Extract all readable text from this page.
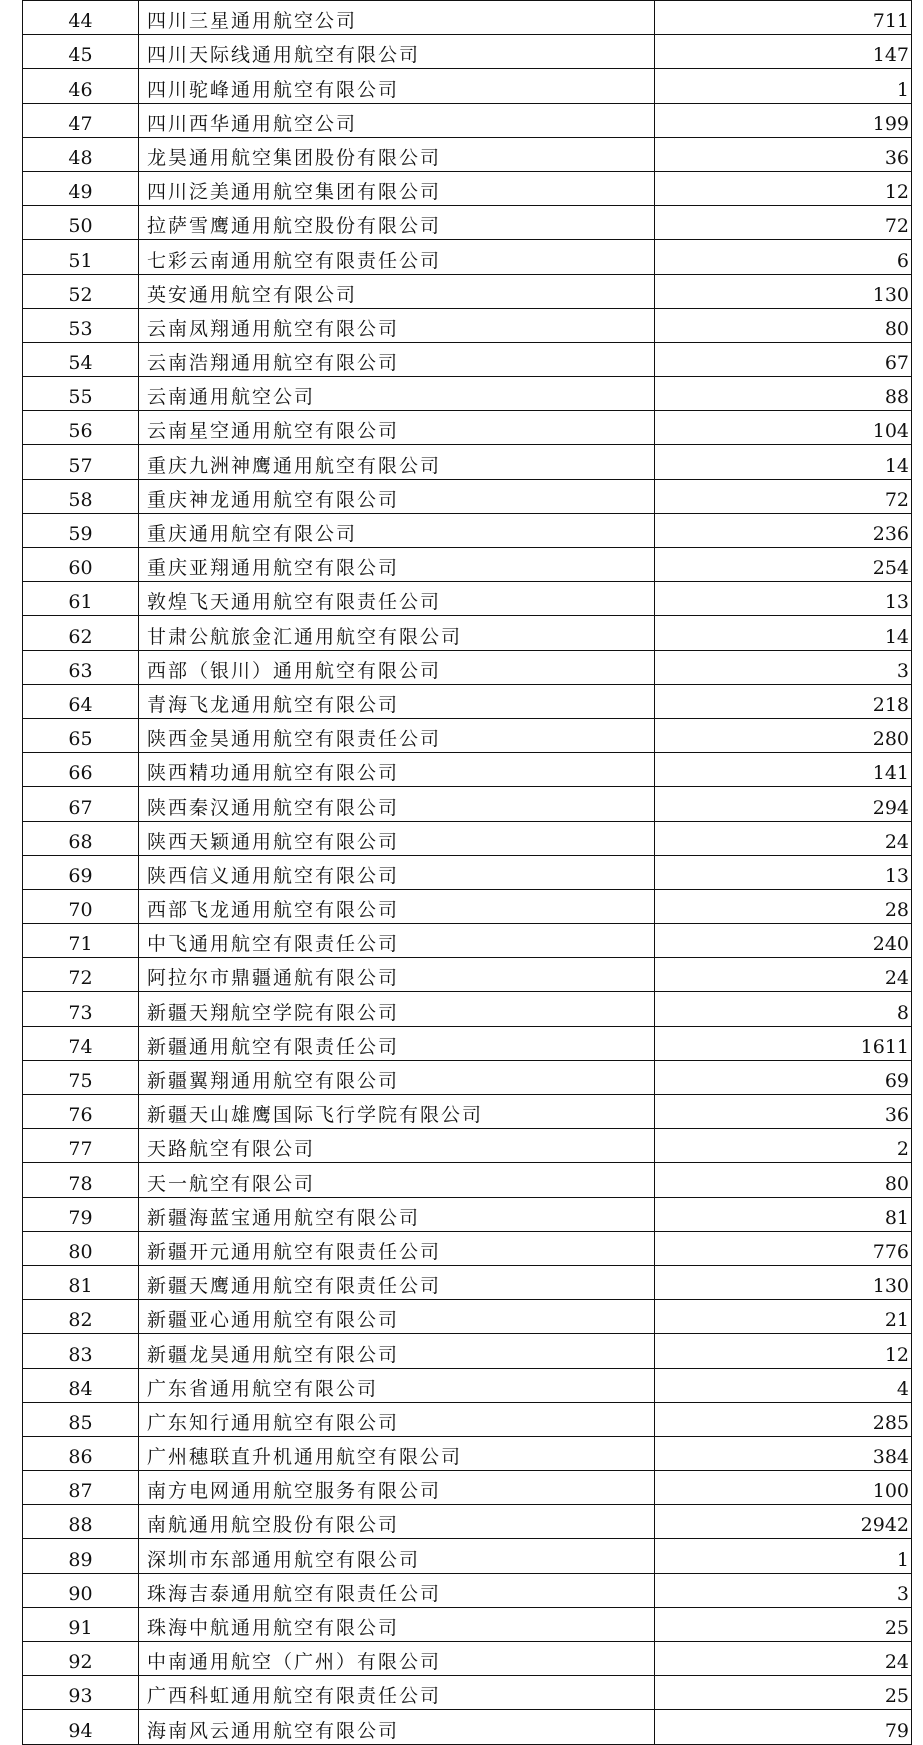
44	四川三星通用航空公司	711
45	四川天际线通用航空有限公司	147
46	四川驼峰通用航空有限公司	1
47	四川西华通用航空公司	199
48	龙昊通用航空集团股份有限公司	36
49	四川泛美通用航空集团有限公司	12
50	拉萨雪鹰通用航空股份有限公司	72
51	七彩云南通用航空有限责任公司	6
52	英安通用航空有限公司	130
53	云南凤翔通用航空有限公司	80
54	云南浩翔通用航空有限公司	67
55	云南通用航空公司	88
56	云南星空通用航空有限公司	104
57	重庆九洲神鹰通用航空有限公司	14
58	重庆神龙通用航空有限公司	72
59	重庆通用航空有限公司	236
60	重庆亚翔通用航空有限公司	254
61	敦煌飞天通用航空有限责任公司	13
62	甘肃公航旅金汇通用航空有限公司	14
63	西部（银川）通用航空有限公司	3
64	青海飞龙通用航空有限公司	218
65	陕西金昊通用航空有限责任公司	280
66	陕西精功通用航空有限公司	141
67	陕西秦汉通用航空有限公司	294
68	陕西天颖通用航空有限公司	24
69	陕西信义通用航空有限公司	13
70	西部飞龙通用航空有限公司	28
71	中飞通用航空有限责任公司	240
72	阿拉尔市鼎疆通航有限公司	24
73	新疆天翔航空学院有限公司	8
74	新疆通用航空有限责任公司	1611
75	新疆翼翔通用航空有限公司	69
76	新疆天山雄鹰国际飞行学院有限公司	36
77	天路航空有限公司	2
78	天一航空有限公司	80
79	新疆海蓝宝通用航空有限公司	81
80	新疆开元通用航空有限责任公司	776
81	新疆天鹰通用航空有限责任公司	130
82	新疆亚心通用航空有限公司	21
83	新疆龙昊通用航空有限公司	12
84	广东省通用航空有限公司	4
85	广东知行通用航空有限公司	285
86	广州穗联直升机通用航空有限公司	384
87	南方电网通用航空服务有限公司	100
88	南航通用航空股份有限公司	2942
89	深圳市东部通用航空有限公司	1
90	珠海吉泰通用航空有限责任公司	3
91	珠海中航通用航空有限公司	25
92	中南通用航空（广州）有限公司	24
93	广西科虹通用航空有限责任公司	25
94	海南风云通用航空有限公司	79
